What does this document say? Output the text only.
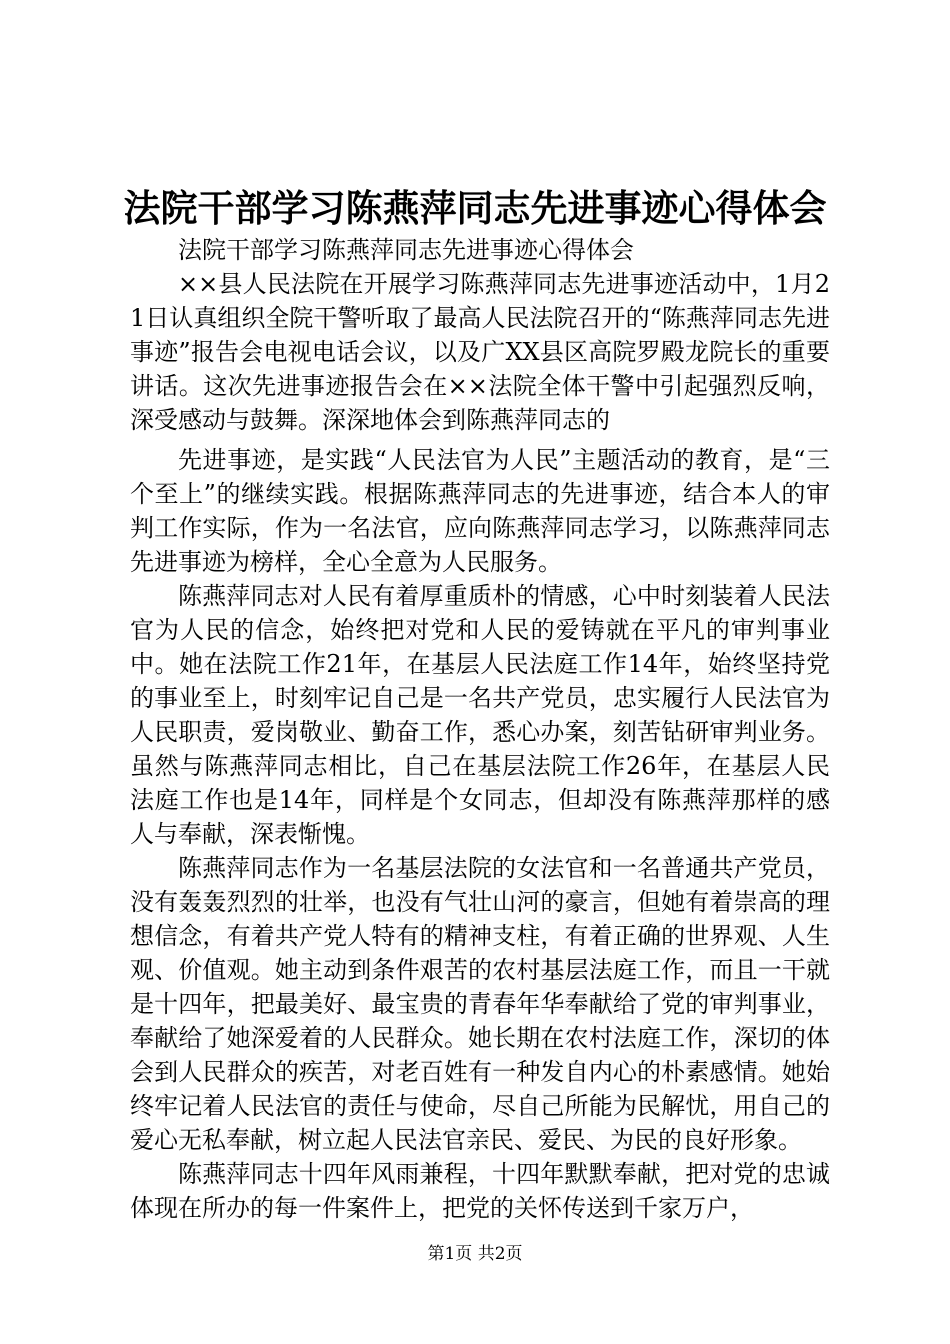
法院干部学习陈燕萍同志先进事迹心得体会

法院干部学习陈燕萍同志先进事迹心得体会

××县人民法院在开展学习陈燕萍同志先进事迹活动中，1月21日认真组织全院干警听取了最高人民法院召开的“陈燕萍同志先进事迹”报告会电视电话会议，以及广XX县区高院罗殿龙院长的重要讲话。这次先进事迹报告会在××法院全体干警中引起强烈反响，深受感动与鼓舞。深深地体会到陈燕萍同志的

先进事迹，是实践“人民法官为人民”主题活动的教育，是“三个至上”的继续实践。根据陈燕萍同志的先进事迹，结合本人的审判工作实际，作为一名法官，应向陈燕萍同志学习，以陈燕萍同志先进事迹为榜样，全心全意为人民服务。

陈燕萍同志对人民有着厚重质朴的情感，心中时刻装着人民法官为人民的信念，始终把对党和人民的爱铸就在平凡的审判事业中。她在法院工作21年，在基层人民法庭工作14年，始终坚持党的事业至上，时刻牢记自己是一名共产党员，忠实履行人民法官为人民职责，爱岗敬业、勤奋工作，悉心办案，刻苦钻研审判业务。虽然与陈燕萍同志相比，自己在基层法院工作26年，在基层人民法庭工作也是14年，同样是个女同志，但却没有陈燕萍那样的感人与奉献，深表惭愧。

陈燕萍同志作为一名基层法院的女法官和一名普通共产党员，没有轰轰烈烈的壮举，也没有气壮山河的豪言，但她有着崇高的理想信念，有着共产党人特有的精神支柱，有着正确的世界观、人生观、价值观。她主动到条件艰苦的农村基层法庭工作，而且一干就是十四年，把最美好、最宝贵的青春年华奉献给了党的审判事业，奉献给了她深爱着的人民群众。她长期在农村法庭工作，深切的体会到人民群众的疾苦，对老百姓有一种发自内心的朴素感情。她始终牢记着人民法官的责任与使命，尽自己所能为民解忧，用自己的爱心无私奉献，树立起人民法官亲民、爱民、为民的良好形象。

陈燕萍同志十四年风雨兼程，十四年默默奉献，把对党的忠诚体现在所办的每一件案件上，把党的关怀传送到千家万户，

第1页 共2页
